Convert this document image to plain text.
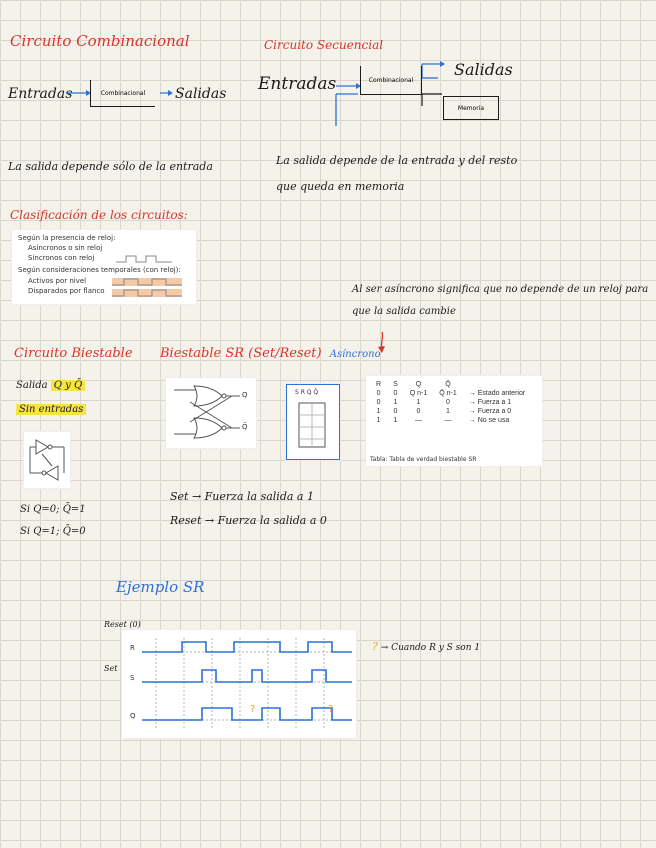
Circuito Combinacional
Entradas	Combinacional Salidas
La salida depende sólo de la entrada
Circuito Secuencial
Entradas	Combinacional
Salidas
Memoria
La salida depende de la entrada y del resto
que queda en memoria
Clasificación de los circuitos:
Según la presencia de reloj:
Asíncronos o sin reloj
Síncronos con reloj
Según consideraciones temporales (con reloj):
Activos por nivel
Disparados por flanco	Al ser asíncrono significa que no depende de un reloj para
que la salida cambie
Circuito Biestable
Salida Q y Q̄
Sin entradas
Si Q=0; Q̄=1
Si Q=1; Q̄=0
Biestable SR (Set/Reset) Asíncrono
Q
Q̄
S R Q Q̄
R	S	Q	Q̄	
0	0	Q n-1	Q̄ n-1	→ Estado anterior
0	1	1	0	→ Fuerza a 1
1	0	0	1	→ Fuerza a 0
1	1	—	—	→ No se usa
Tabla: Tabla de verdad biestable SR
Set → Fuerza la salida a 1
Reset → Fuerza la salida a 0
Ejemplo SR
Reset (0)
Set
R
S
Q
?	?
? → Cuando R y S son 1
